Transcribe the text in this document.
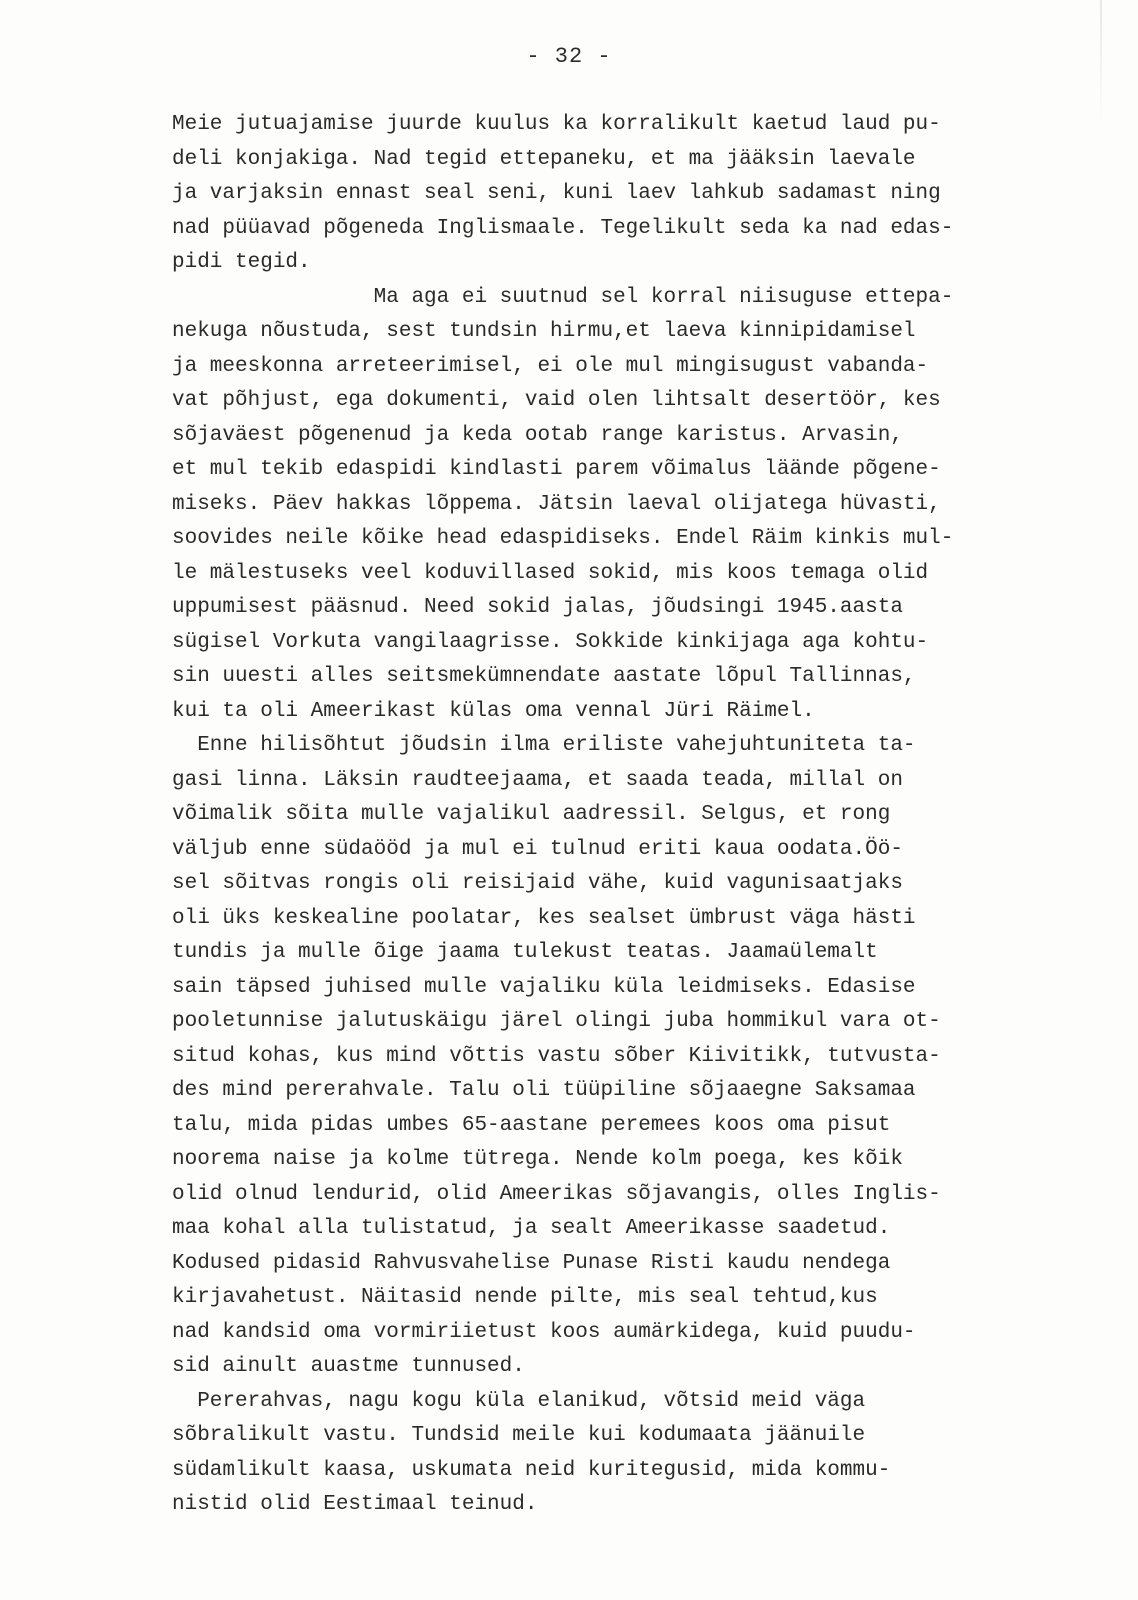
- 32 -
Meie jutuajamise juurde kuulus ka korralikult kaetud laud pu-
deli konjakiga. Nad tegid ettepaneku, et ma jääksin laevale
ja varjaksin ennast seal seni, kuni laev lahkub sadamast ning
nad püüavad põgeneda Inglismaale. Tegelikult seda ka nad edas-
pidi tegid.
Ma aga ei suutnud sel korral niisuguse ettepa-
nekuga nõustuda, sest tundsin hirmu,et laeva kinnipidamisel
ja meeskonna arreteerimisel, ei ole mul mingisugust vabanda-
vat põhjust, ega dokumenti, vaid olen lihtsalt desertöör, kes
sõjaväest põgenenud ja keda ootab range karistus. Arvasin,
et mul tekib edaspidi kindlasti parem võimalus läände põgene-
miseks. Päev hakkas lõppema. Jätsin laeval olijatega hüvasti,
soovides neile kõike head edaspidiseks. Endel Räim kinkis mul-
le mälestuseks veel koduvillased sokid, mis koos temaga olid
uppumisest pääsnud. Need sokid jalas, jõudsingi 1945.aasta
sügisel Vorkuta vangilaagrisse. Sokkide kinkijaga aga kohtu-
sin uuesti alles seitsmekümnendate aastate lõpul Tallinnas,
kui ta oli Ameerikast külas oma vennal Jüri Räimel.
Enne hilisõhtut jõudsin ilma eriliste vahejuhtuniteta ta-
gasi linna. Läksin raudteejaama, et saada teada, millal on
võimalik sõita mulle vajalikul aadressil. Selgus, et rong
väljub enne südaööd ja mul ei tulnud eriti kaua oodata.Öö-
sel sõitvas rongis oli reisijaid vähe, kuid vagunisaatjaks
oli üks keskealine poolatar, kes sealset ümbrust väga hästi
tundis ja mulle õige jaama tulekust teatas. Jaamaülemalt
sain täpsed juhised mulle vajaliku küla leidmiseks. Edasise
pooletunnise jalutuskäigu järel olingi juba hommikul vara ot-
situd kohas, kus mind võttis vastu sõber Kiivitikk, tutvusta-
des mind pererahvale. Talu oli tüüpiline sõjaaegne Saksamaa
talu, mida pidas umbes 65-aastane peremees koos oma pisut
noorema naise ja kolme tütrega. Nende kolm poega, kes kõik
olid olnud lendurid, olid Ameerikas sõjavangis, olles Inglis-
maa kohal alla tulistatud, ja sealt Ameerikasse saadetud.
Kodused pidasid Rahvusvahelise Punase Risti kaudu nendega
kirjavahetust. Näitasid nende pilte, mis seal tehtud,kus
nad kandsid oma vormiriietust koos aumärkidega, kuid puudu-
sid ainult auastme tunnused.
Pererahvas, nagu kogu küla elanikud, võtsid meid väga
sõbralikult vastu. Tundsid meile kui kodumaata jäänuile
südamlikult kaasa, uskumata neid kuritegusid, mida kommu-
nistid olid Eestimaal teinud.
